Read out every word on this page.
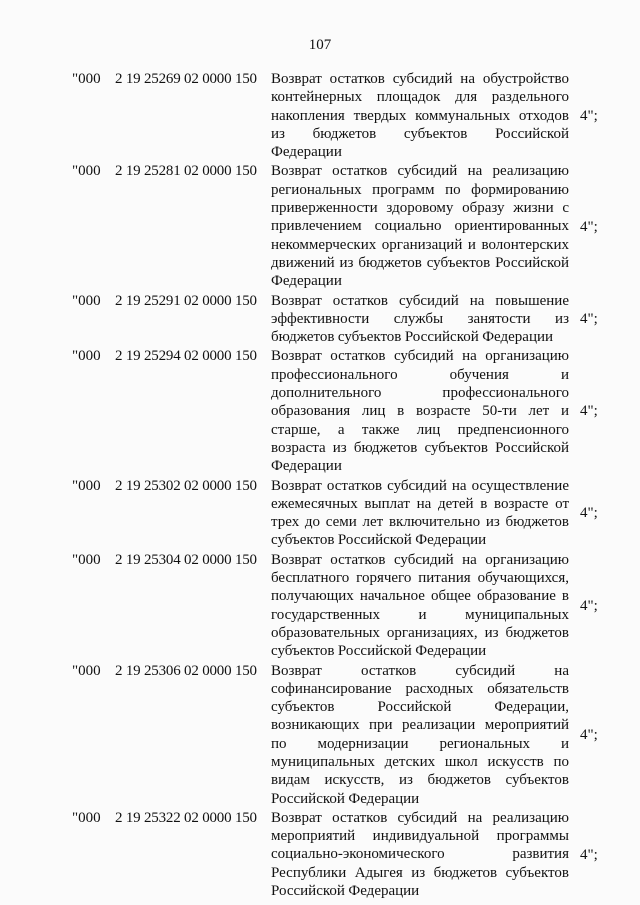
107
"000 2 19 25269 02 0000 150 Возврат остатков субсидий на обустройство контейнерных площадок для раздельного накопления твердых коммунальных отходов из бюджетов субъектов Российской Федерации
4";
"000 2 19 25281 02 0000 150 Возврат остатков субсидий на реализацию региональных программ по формированию приверженности здоровому образу жизни с привлечением социально ориентированных некоммерческих организаций и волонтерских движений из бюджетов субъектов Российской Федерации
4";
"000 2 19 25291 02 0000 150 Возврат остатков субсидий на повышение эффективности службы занятости из бюджетов субъектов Российской Федерации
4";
"000 2 19 25294 02 0000 150 Возврат остатков субсидий на организацию профессионального обучения и дополнительного профессионального образования лиц в возрасте 50-ти лет и старше, а также лиц предпенсионного возраста из бюджетов субъектов Российской Федерации
4";
"000 2 19 25302 02 0000 150 Возврат остатков субсидий на осуществление ежемесячных выплат на детей в возрасте от трех до семи лет включительно из бюджетов субъектов Российской Федерации
4";
"000 2 19 25304 02 0000 150 Возврат остатков субсидий на организацию бесплатного горячего питания обучающихся, получающих начальное общее образование в государственных и муниципальных образовательных организациях, из бюджетов субъектов Российской Федерации
4";
"000 2 19 25306 02 0000 150 Возврат остатков субсидий на софинансирование расходных обязательств субъектов Российской Федерации, возникающих при реализации мероприятий по модернизации региональных и муниципальных детских школ искусств по видам искусств, из бюджетов субъектов Российской Федерации
4";
"000 2 19 25322 02 0000 150 Возврат остатков субсидий на реализацию мероприятий индивидуальной программы социально-экономического развития Республики Адыгея из бюджетов субъектов Российской Федерации
4";
